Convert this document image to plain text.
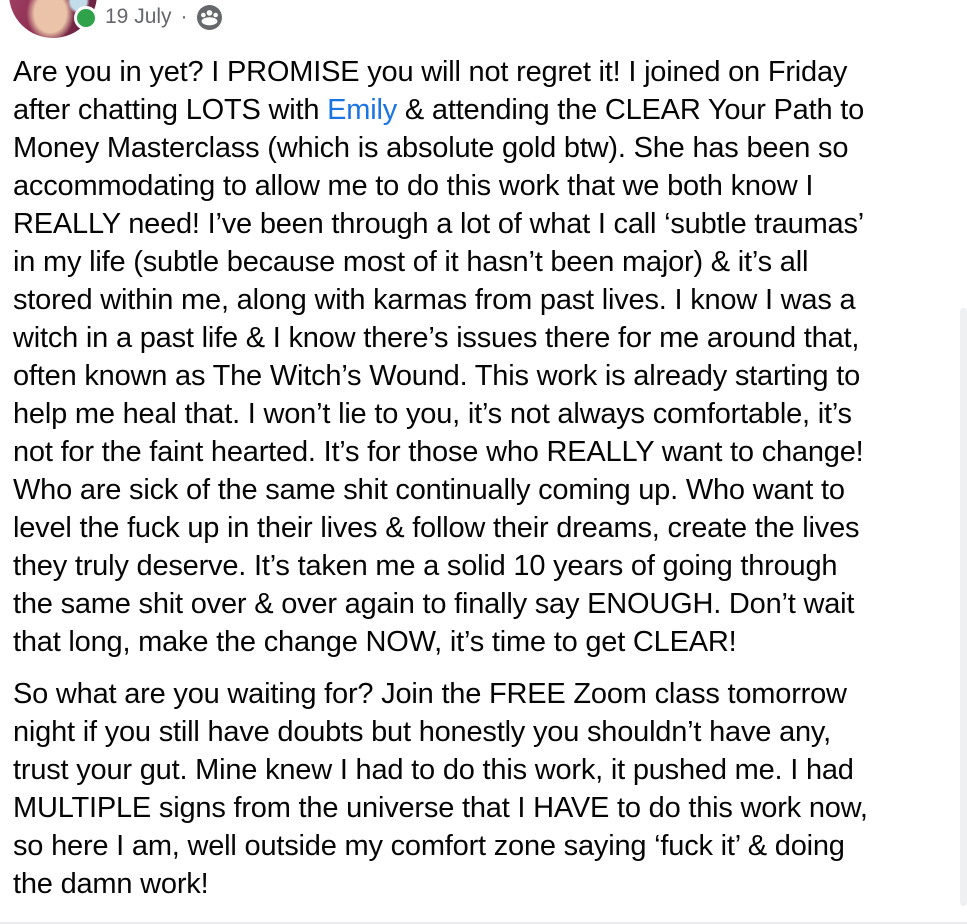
19 July ·
Are you in yet? I PROMISE you will not regret it! I joined on Friday
after chatting LOTS with Emily & attending the CLEAR Your Path to
Money Masterclass (which is absolute gold btw). She has been so
accommodating to allow me to do this work that we both know I
REALLY need! I’ve been through a lot of what I call ‘subtle traumas’
in my life (subtle because most of it hasn’t been major) & it’s all
stored within me, along with karmas from past lives. I know I was a
witch in a past life & I know there’s issues there for me around that,
often known as The Witch’s Wound. This work is already starting to
help me heal that. I won’t lie to you, it’s not always comfortable, it’s
not for the faint hearted. It’s for those who REALLY want to change!
Who are sick of the same shit continually coming up. Who want to
level the fuck up in their lives & follow their dreams, create the lives
they truly deserve. It’s taken me a solid 10 years of going through
the same shit over & over again to finally say ENOUGH. Don’t wait
that long, make the change NOW, it’s time to get CLEAR!
So what are you waiting for? Join the FREE Zoom class tomorrow
night if you still have doubts but honestly you shouldn’t have any,
trust your gut. Mine knew I had to do this work, it pushed me. I had
MULTIPLE signs from the universe that I HAVE to do this work now,
so here I am, well outside my comfort zone saying ‘fuck it’ & doing
the damn work!
